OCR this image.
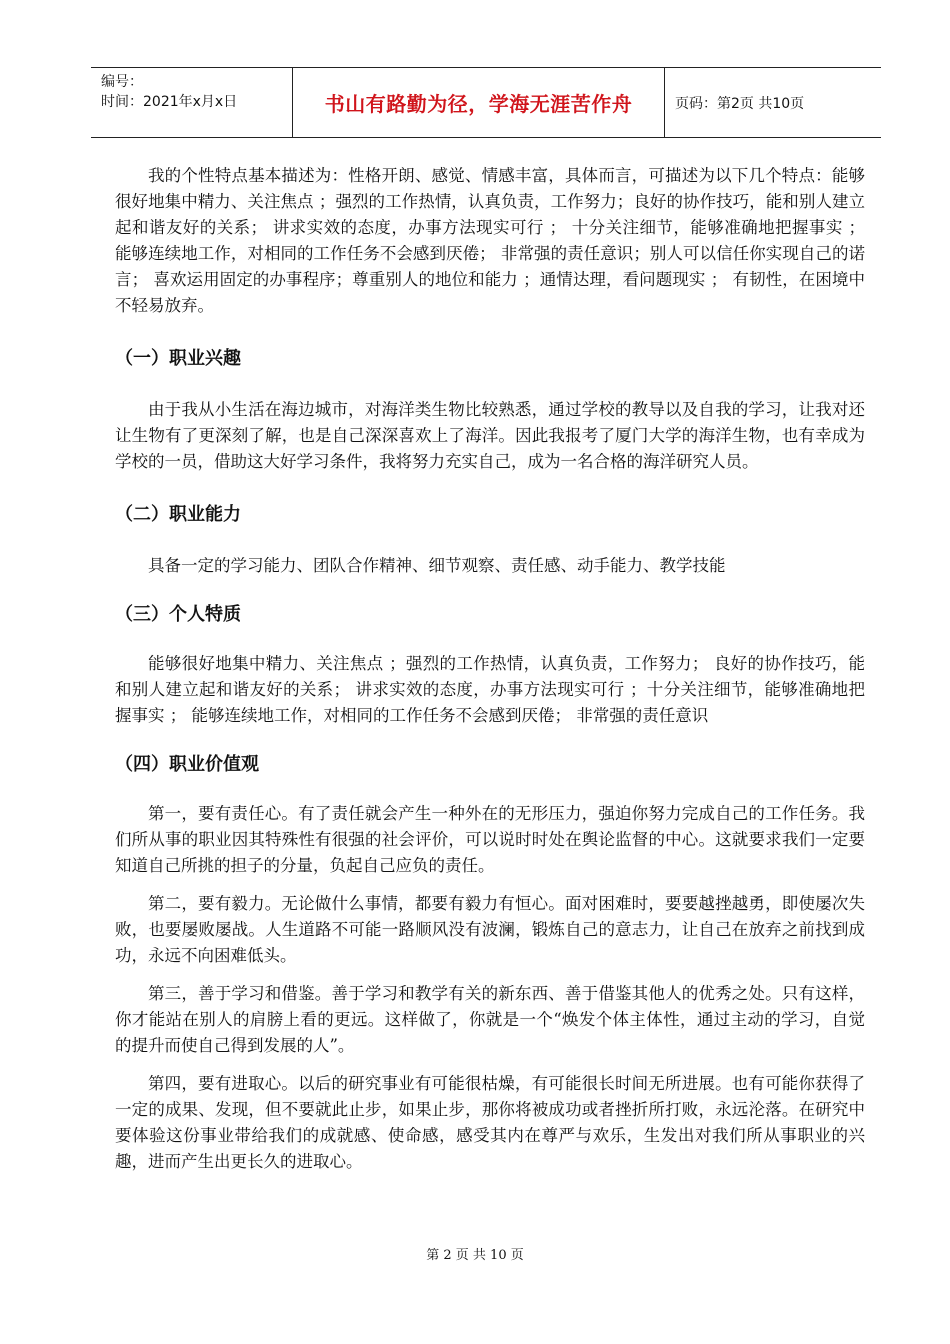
编号：
时间：2021年x月x日	书山有路勤为径，学海无涯苦作舟	页码：第2页 共10页

我的个性特点基本描述为：性格开朗、感觉、情感丰富，具体而言，可描述为以下几个特点：能够很好地集中精力、关注焦点 ；强烈的工作热情，认真负责，工作努力；良好的协作技巧，能和别人建立起和谐友好的关系； 讲求实效的态度，办事方法现实可行 ； 十分关注细节，能够准确地把握事实 ； 能够连续地工作，对相同的工作任务不会感到厌倦； 非常强的责任意识；别人可以信任你实现自己的诺言； 喜欢运用固定的办事程序；尊重别人的地位和能力 ；通情达理，看问题现实 ； 有韧性，在困境中不轻易放弃。

（一）职业兴趣

由于我从小生活在海边城市，对海洋类生物比较熟悉，通过学校的教导以及自我的学习，让我对还让生物有了更深刻了解，也是自己深深喜欢上了海洋。因此我报考了厦门大学的海洋生物，也有幸成为学校的一员，借助这大好学习条件，我将努力充实自己，成为一名合格的海洋研究人员。

（二）职业能力

具备一定的学习能力、团队合作精神、细节观察、责任感、动手能力、教学技能

（三）个人特质

能够很好地集中精力、关注焦点 ；强烈的工作热情，认真负责，工作努力； 良好的协作技巧，能和别人建立起和谐友好的关系； 讲求实效的态度，办事方法现实可行 ；十分关注细节，能够准确地把握事实 ； 能够连续地工作，对相同的工作任务不会感到厌倦； 非常强的责任意识

（四）职业价值观

第一，要有责任心。有了责任就会产生一种外在的无形压力，强迫你努力完成自己的工作任务。我们所从事的职业因其特殊性有很强的社会评价，可以说时时处在舆论监督的中心。这就要求我们一定要知道自己所挑的担子的分量，负起自己应负的责任。

第二，要有毅力。无论做什么事情，都要有毅力有恒心。面对困难时，要要越挫越勇，即使屡次失败，也要屡败屡战。人生道路不可能一路顺风没有波澜，锻炼自己的意志力，让自己在放弃之前找到成功，永远不向困难低头。

第三，善于学习和借鉴。善于学习和教学有关的新东西、善于借鉴其他人的优秀之处。只有这样，你才能站在别人的肩膀上看的更远。这样做了，你就是一个“焕发个体主体性，通过主动的学习，自觉的提升而使自己得到发展的人”。

第四，要有进取心。以后的研究事业有可能很枯燥，有可能很长时间无所进展。也有可能你获得了一定的成果、发现，但不要就此止步，如果止步，那你将被成功或者挫折所打败，永远沦落。在研究中要体验这份事业带给我们的成就感、使命感，感受其内在尊严与欢乐，生发出对我们所从事职业的兴趣，进而产生出更长久的进取心。

第 2 页 共 10 页
